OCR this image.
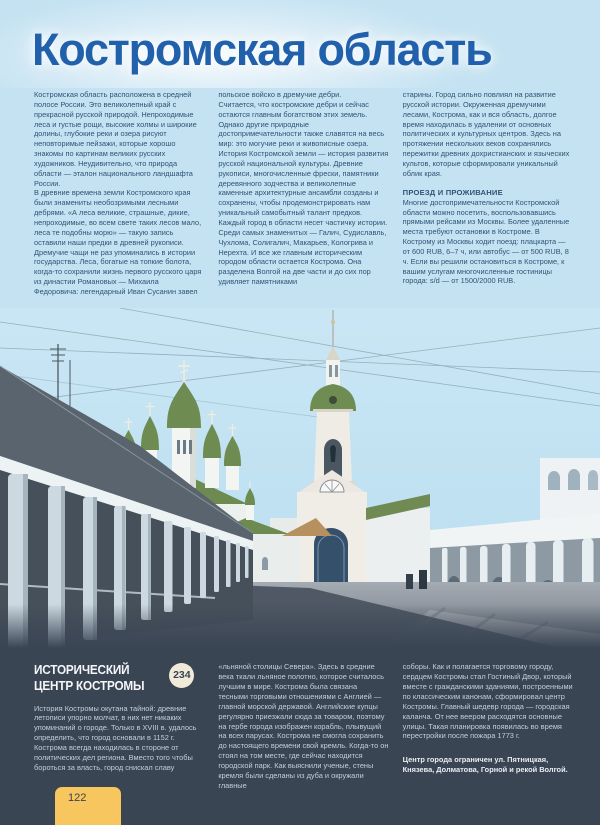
Костромская область

Костромская область расположена в средней полосе России. Это великолепный край с прекрасной русской природой. Непроходимые леса и густые рощи, высокие холмы и широкие долины, глубокие реки и озера рисуют неповторимые пейзажи, которые хорошо знакомы по картинам великих русских художников. Неудивительно, что природа области — эталон национального ландшафта России.

В древние времена земли Костромского края были знамениты необозримыми лесными дебрями. «А леса великие, страшные, дикие, непроходимые, во всем свете таких лесов мало, леса те подобны морю» — такую запись оставили наши предки в древней рукописи. Дремучие чащи не раз упоминались в истории государства. Леса, богатые на топкие болота, когда-то сохранили жизнь первого русского царя из династии Романовых — Михаила Федоровича: легендарный Иван Сусанин завел

польское войско в дремучие дебри.

Считается, что костромские дебри и сейчас остаются главным богатством этих земель. Однако другие природные достопримечательности также славятся на весь мир: это могучие реки и живописные озера.

История Костромской земли — история развития русской национальной культуры. Древние рукописи, многочисленные фрески, памятники деревянного зодчества и великолепные каменные архитектурные ансамбли созданы и сохранены, чтобы продемонстрировать нам уникальный самобытный талант предков. Каждый город в области несет частичку истории. Среди самых знаменитых — Галич, Судиславль, Чухлома, Солигалич, Макарьев, Кологрива и Нерехта. И все же главным историческим городом области остается Кострома. Она разделена Волгой на две части и до сих пор удивляет памятниками

старины. Город сильно повлиял на развитие русской истории. Окруженная дремучими лесами, Кострома, как и вся область, долгое время находилась в удалении от основных политических и культурных центров. Здесь на протяжении нескольких веков сохранялись пережитки древних дохристианских и языческих культов, которые сформировали уникальный облик края.

ПРОЕЗД И ПРОЖИВАНИЕ

Многие достопримечательности Костромской области можно посетить, воспользовавшись прямыми рейсами из Москвы. Более удаленные места требуют остановки в Костроме. В Кострому из Москвы ходит поезд: плацкарта — от 600 RUB, 6–7 ч, или автобус — от 500 RUB, 8 ч. Если вы решили остановиться в Костроме, к вашим услугам многочисленные гостиницы города: s/d — от 1500/2000 RUB.

ИСТОРИЧЕСКИЙ ЦЕНТР КОСТРОМЫ
234

История Костромы окутана тайной: древние летописи упорно молчат, в них нет никаких упоминаний о городе. Только в XVIII в. удалось определить, что город основали в 1152 г. Кострома всегда находилась в стороне от политических дел региона. Вместо того чтобы бороться за власть, город снискал славу

«льняной столицы Севера». Здесь в средние века ткали льняное полотно, которое считалось лучшим в мире. Кострома была связана тесными торговыми отношениями с Англией — главной морской державой. Английские купцы регулярно приезжали сюда за товаром, поэтому на гербе города изображен корабль, плывущий на всех парусах. Кострома не смогла сохранить до настоящего времени свой кремль. Когда-то он стоял на том месте, где сейчас находится городской парк. Как выяснили ученые, стены кремля были сделаны из дуба и окружали главные

соборы. Как и полагается торговому городу, сердцем Костромы стал Гостиный Двор, который вместе с гражданскими зданиями, построенными по классическим канонам, сформировал центр Костромы. Главный шедевр города — городская каланча. От нее веером расходятся основные улицы. Такая планировка появилась во время перестройки после пожара 1773 г.

Центр города ограничен ул. Пятницкая, Князева, Долматова, Горной и рекой Волгой.

122
